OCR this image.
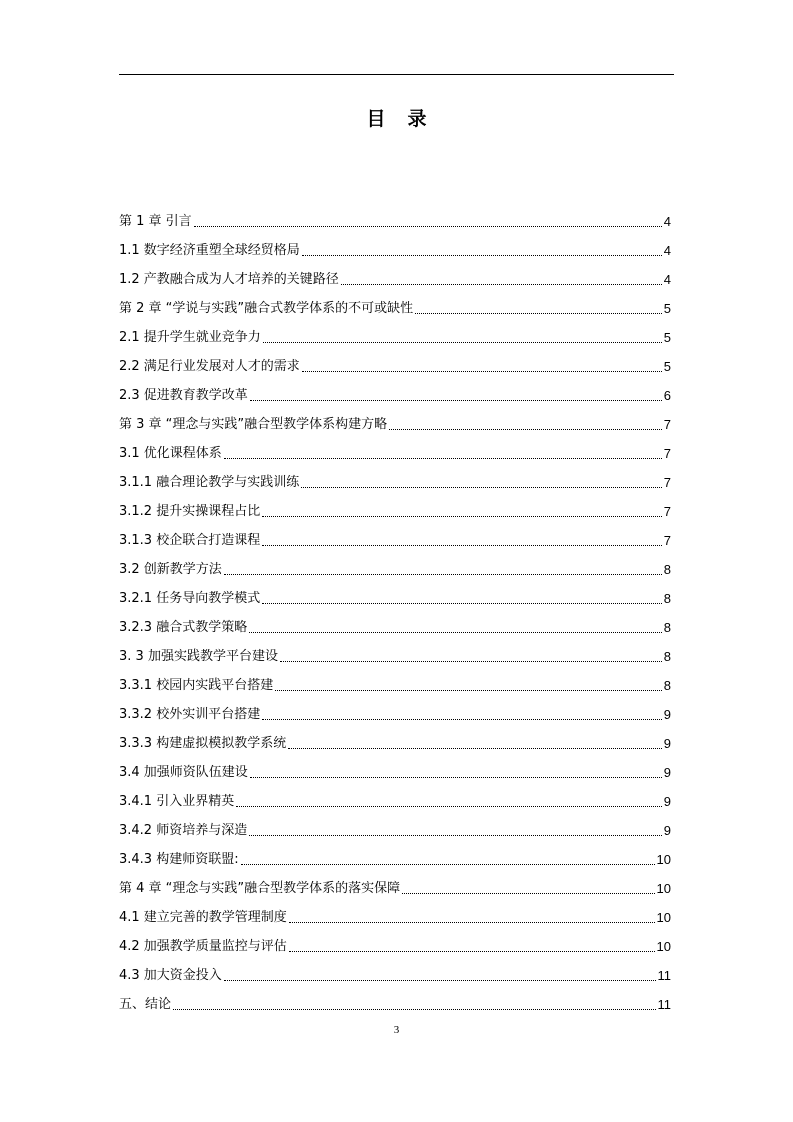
目录
第 1 章 引言	4
1.1 数字经济重塑全球经贸格局	4
1.2 产教融合成为人才培养的关键路径	4
第 2 章 “学说与实践”融合式教学体系的不可或缺性	5
2.1 提升学生就业竞争力	5
2.2 满足行业发展对人才的需求	5
2.3 促进教育教学改革	6
第 3 章 “理念与实践”融合型教学体系构建方略	7
3.1 优化课程体系	7
3.1.1 融合理论教学与实践训练	7
3.1.2 提升实操课程占比	7
3.1.3 校企联合打造课程	7
3.2 创新教学方法	8
3.2.1 任务导向教学模式	8
3.2.3 融合式教学策略	8
3. 3 加强实践教学平台建设	8
3.3.1 校园内实践平台搭建	8
3.3.2 校外实训平台搭建	9
3.3.3 构建虚拟模拟教学系统	9
3.4 加强师资队伍建设	9
3.4.1 引入业界精英	9
3.4.2 师资培养与深造	9
3.4.3 构建师资联盟:	10
第 4 章 “理念与实践”融合型教学体系的落实保障	10
4.1 建立完善的教学管理制度	10
4.2 加强教学质量监控与评估	10
4.3 加大资金投入	11
五、结论	11
3
